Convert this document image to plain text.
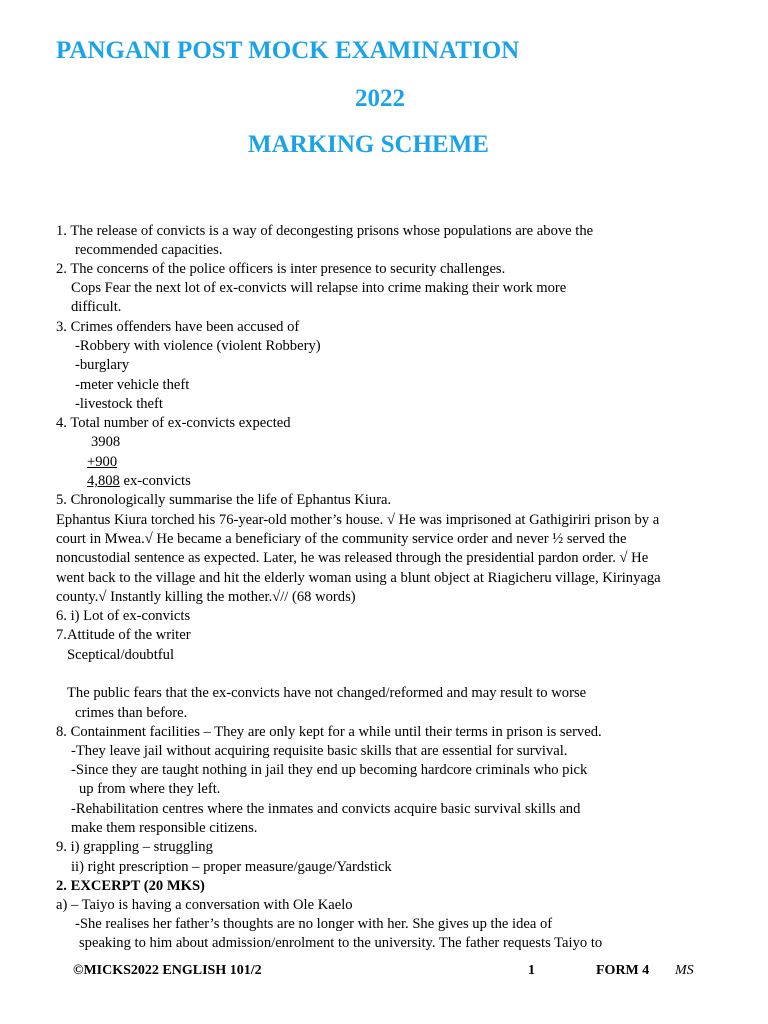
PANGANI POST MOCK EXAMINATION
2022
MARKING SCHEME
1. The release of convicts is a way of decongesting prisons whose populations are above the
recommended capacities.
2. The concerns of the police officers is inter presence to security challenges.
Cops Fear the next lot of ex-convicts will relapse into crime making their work more
difficult.
3. Crimes offenders have been accused of
-Robbery with violence (violent Robbery)
-burglary
-meter vehicle theft
-livestock theft
4. Total number of ex-convicts expected
3908
+900
4,808 ex-convicts
5. Chronologically summarise the life of Ephantus Kiura.
Ephantus Kiura torched his 76-year-old mother’s house. √ He was imprisoned at Gathigiriri prison by a
court in Mwea.√ He became a beneficiary of the community service order and never ½ served the
noncustodial sentence as expected. Later, he was released through the presidential pardon order. √ He
went back to the village and hit the elderly woman using a blunt object at Riagicheru village, Kirinyaga
county.√ Instantly killing the mother.√// (68 words)
6. i) Lot of ex-convicts
7.Attitude of the writer
Sceptical/doubtful
The public fears that the ex-convicts have not changed/reformed and may result to worse
crimes than before.
8. Containment facilities – They are only kept for a while until their terms in prison is served.
-They leave jail without acquiring requisite basic skills that are essential for survival.
-Since they are taught nothing in jail they end up becoming hardcore criminals who pick
up from where they left.
-Rehabilitation centres where the inmates and convicts acquire basic survival skills and
make them responsible citizens.
9. i) grappling – struggling
ii) right prescription – proper measure/gauge/Yardstick
2. EXCERPT (20 MKS)
a) – Taiyo is having a conversation with Ole Kaelo
-She realises her father’s thoughts are no longer with her. She gives up the idea of
speaking to him about admission/enrolment to the university. The father requests Taiyo to
©MICKS2022 ENGLISH 101/2	1	FORM 4 MS
